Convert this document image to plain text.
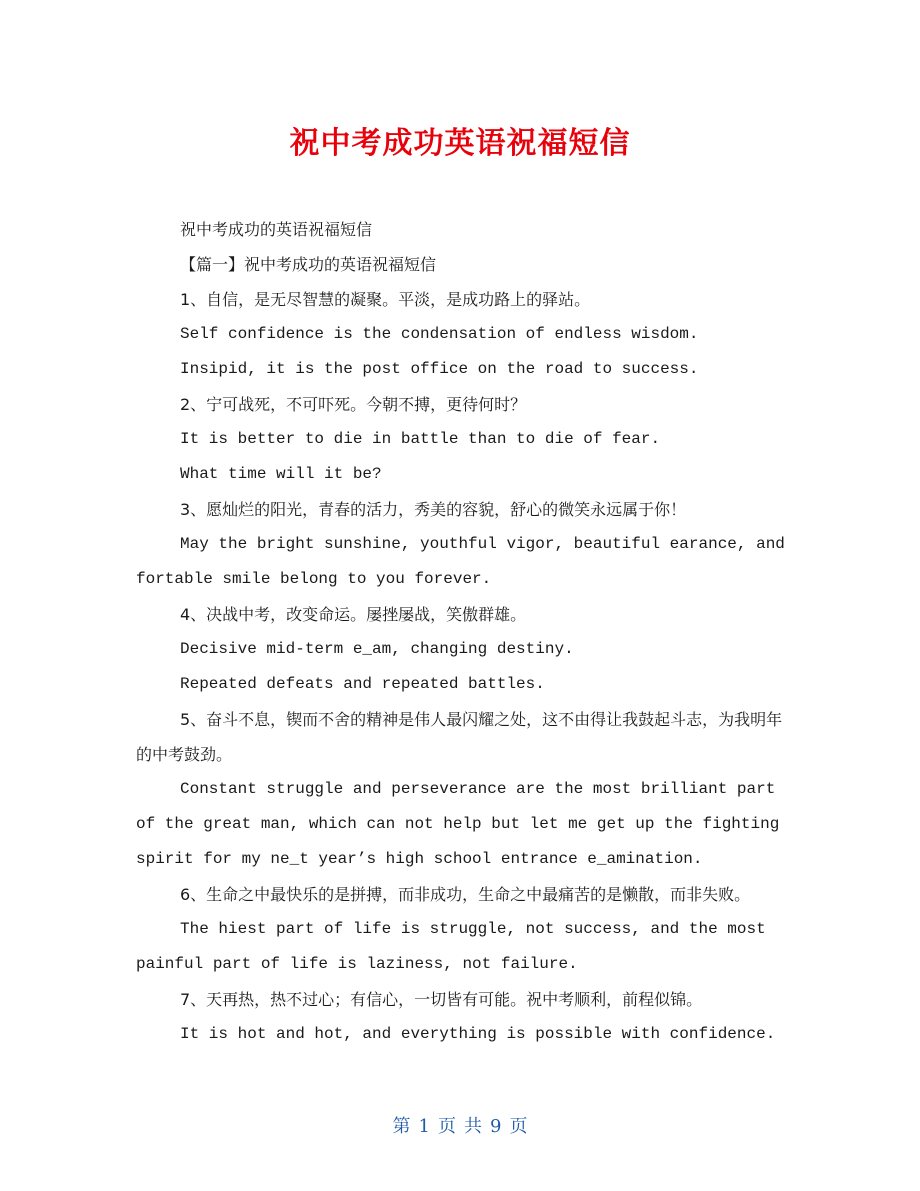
祝中考成功英语祝福短信

祝中考成功的英语祝福短信

【篇一】祝中考成功的英语祝福短信

1、自信，是无尽智慧的凝聚。平淡，是成功路上的驿站。

Self confidence is the condensation of endless wisdom.

Insipid, it is the post office on the road to success.

2、宁可战死，不可吓死。今朝不搏，更待何时？

It is better to die in battle than to die of fear.

What time will it be?

3、愿灿烂的阳光，青春的活力，秀美的容貌，舒心的微笑永远属于你！

May the bright sunshine, youthful vigor, beautiful earance, and fortable smile belong to you forever.

4、决战中考，改变命运。屡挫屡战，笑傲群雄。

Decisive mid-term e_am, changing destiny.

Repeated defeats and repeated battles.

5、奋斗不息，锲而不舍的精神是伟人最闪耀之处，这不由得让我鼓起斗志，为我明年的中考鼓劲。

Constant struggle and perseverance are the most brilliant part of the great man, which can not help but let me get up the fighting spirit for my ne_t year’s high school entrance e_amination.

6、生命之中最快乐的是拼搏，而非成功，生命之中最痛苦的是懒散，而非失败。

The hiest part of life is struggle, not success, and the most painful part of life is laziness, not failure.

7、天再热，热不过心；有信心，一切皆有可能。祝中考顺利，前程似锦。

It is hot and hot, and everything is possible with confidence.

第 1 页 共 9 页
